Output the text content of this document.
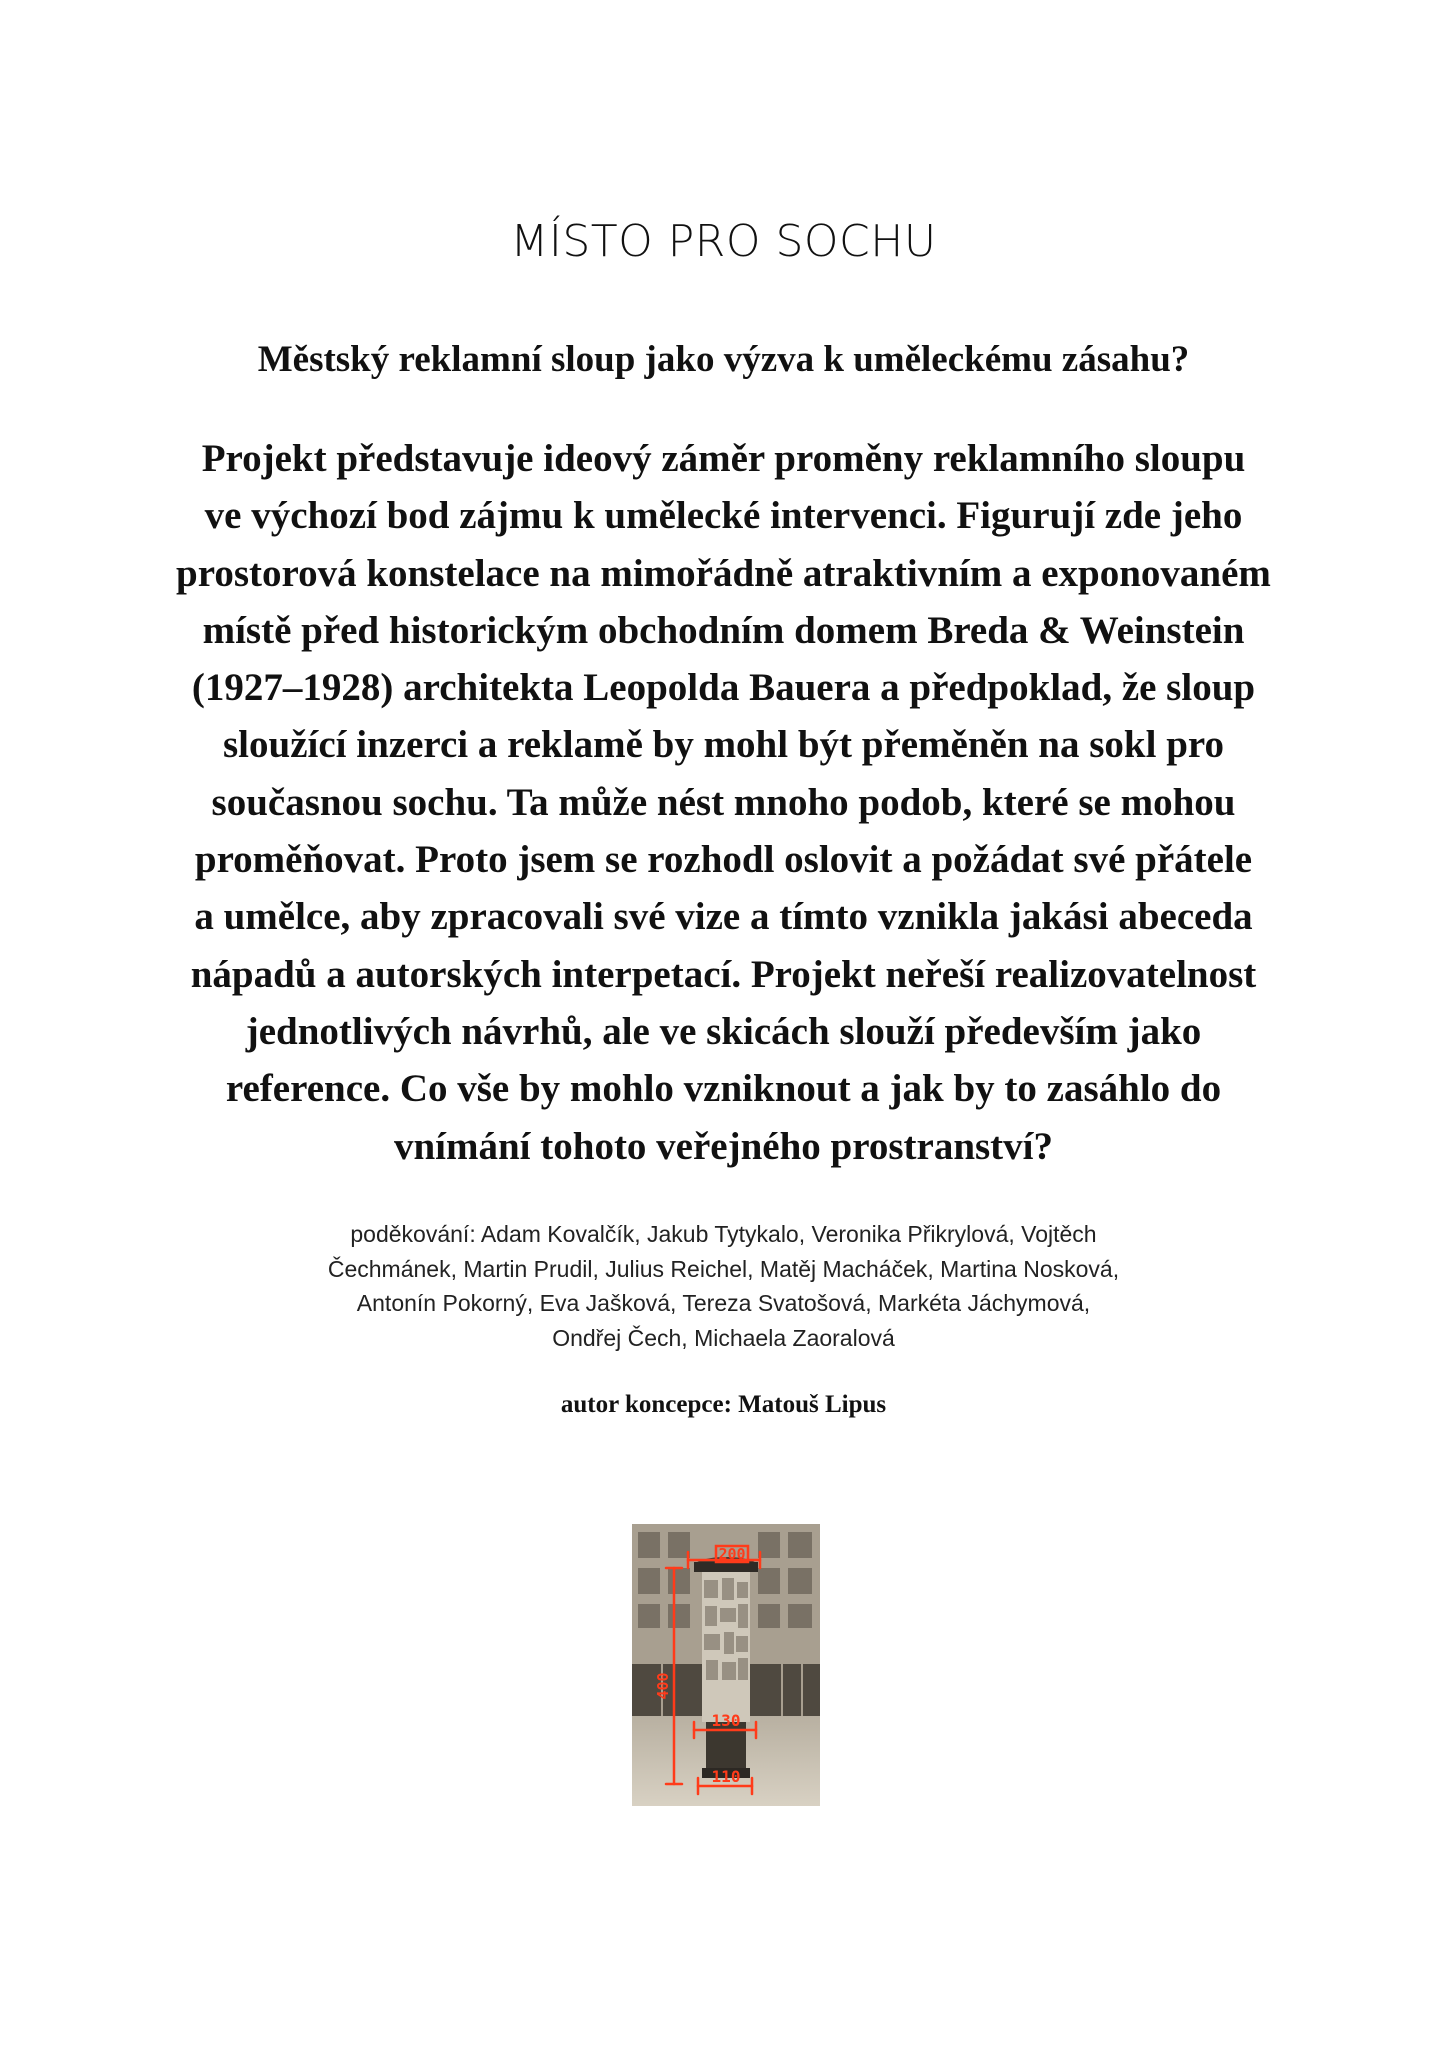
MÍSTO PRO SOCHU
Městský reklamní sloup jako výzva k uměleckému zásahu?

Projekt představuje ideový záměr proměny reklamního sloupu
ve výchozí bod zájmu k umělecké intervenci. Figurují zde jeho
prostorová konstelace na mimořádně atraktivním a exponovaném
místě před historickým obchodním domem Breda & Weinstein
(1927–1928) architekta Leopolda Bauera a předpoklad, že sloup
sloužící inzerci a reklamě by mohl být přeměněn na sokl pro
současnou sochu. Ta může nést mnoho podob, které se mohou
proměňovat. Proto jsem se rozhodl oslovit a požádat své přátele
a umělce, aby zpracovali své vize a tímto vznikla jakási abeceda
nápadů a autorských interpetací. Projekt neřeší realizovatelnost
jednotlivých návrhů, ale ve skicách slouží především jako
reference. Co vše by mohlo vzniknout a jak by to zasáhlo do
vnímání tohoto veřejného prostranství?

poděkování: Adam Kovalčík, Jakub Tytykalo, Veronika Přikrylová, Vojtěch
Čechmánek, Martin Prudil, Julius Reichel, Matěj Macháček, Martina Nosková,
Antonín Pokorný, Eva Jašková, Tereza Svatošová, Markéta Jáchymová,
Ondřej Čech, Michaela Zaoralová

autor koncepce: Matouš Lipus

200
400
130
110
